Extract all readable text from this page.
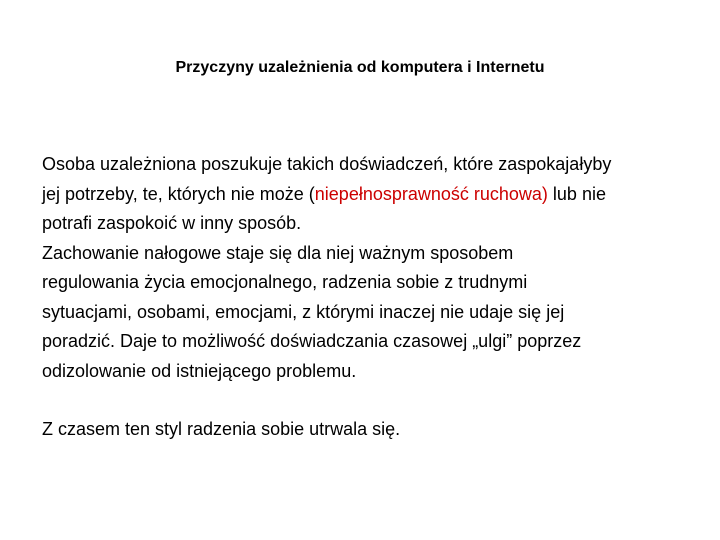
Przyczyny uzależnienia od komputera i Internetu

Osoba uzależniona poszukuje takich doświadczeń, które zaspokajałyby
jej potrzeby, te, których nie może (niepełnosprawność ruchowa) lub nie
potrafi zaspokoić w inny sposób.

Zachowanie nałogowe staje się dla niej ważnym sposobem
regulowania życia emocjonalnego, radzenia sobie z trudnymi
sytuacjami, osobami, emocjami, z którymi inaczej nie udaje się jej
poradzić. Daje to możliwość doświadczania czasowej „ulgi” poprzez
odizolowanie od istniejącego problemu.

Z czasem ten styl radzenia sobie utrwala się.
